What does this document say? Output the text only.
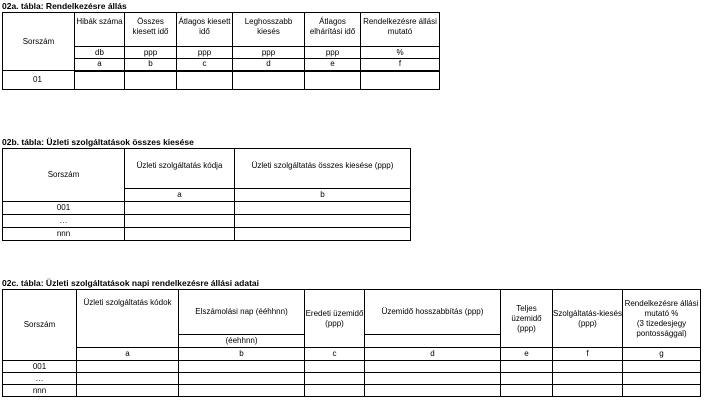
02a. tábla: Rendelkezésre állás
Sorszám	Hibák száma	Összes kiesett idő	Átlagos kiesett idő	Leghosszabb kiesés	Átlagos elhárítási idő	Rendelkezésre állási mutató
	db	ppp	ppp	ppp	ppp	%
	a	b	c	d	e	f
01						
02b. tábla: Üzleti szolgáltatások összes kiesése
Sorszám	Üzleti szolgáltatás kódja	Üzleti szolgáltatás összes kiesése (ppp)
	a	b
001		
…		
nnn		
02c. tábla: Üzleti szolgáltatások napi rendelkezésre állási adatai
Sorszám	Üzleti szolgáltatás kódok	Elszámolási nap (ééhhnn)	Eredeti üzemidő (ppp)	Üzemidő hosszabbítás (ppp)	Teljes üzemidő (ppp)	Szolgáltatás-kiesés (ppp)	Rendelkezésre állási mutató %
(3 tizedesjegy pontossággal)
		(éehhnn)					
	a	b	c	d	e	f	g
001							
…							
nnn							
